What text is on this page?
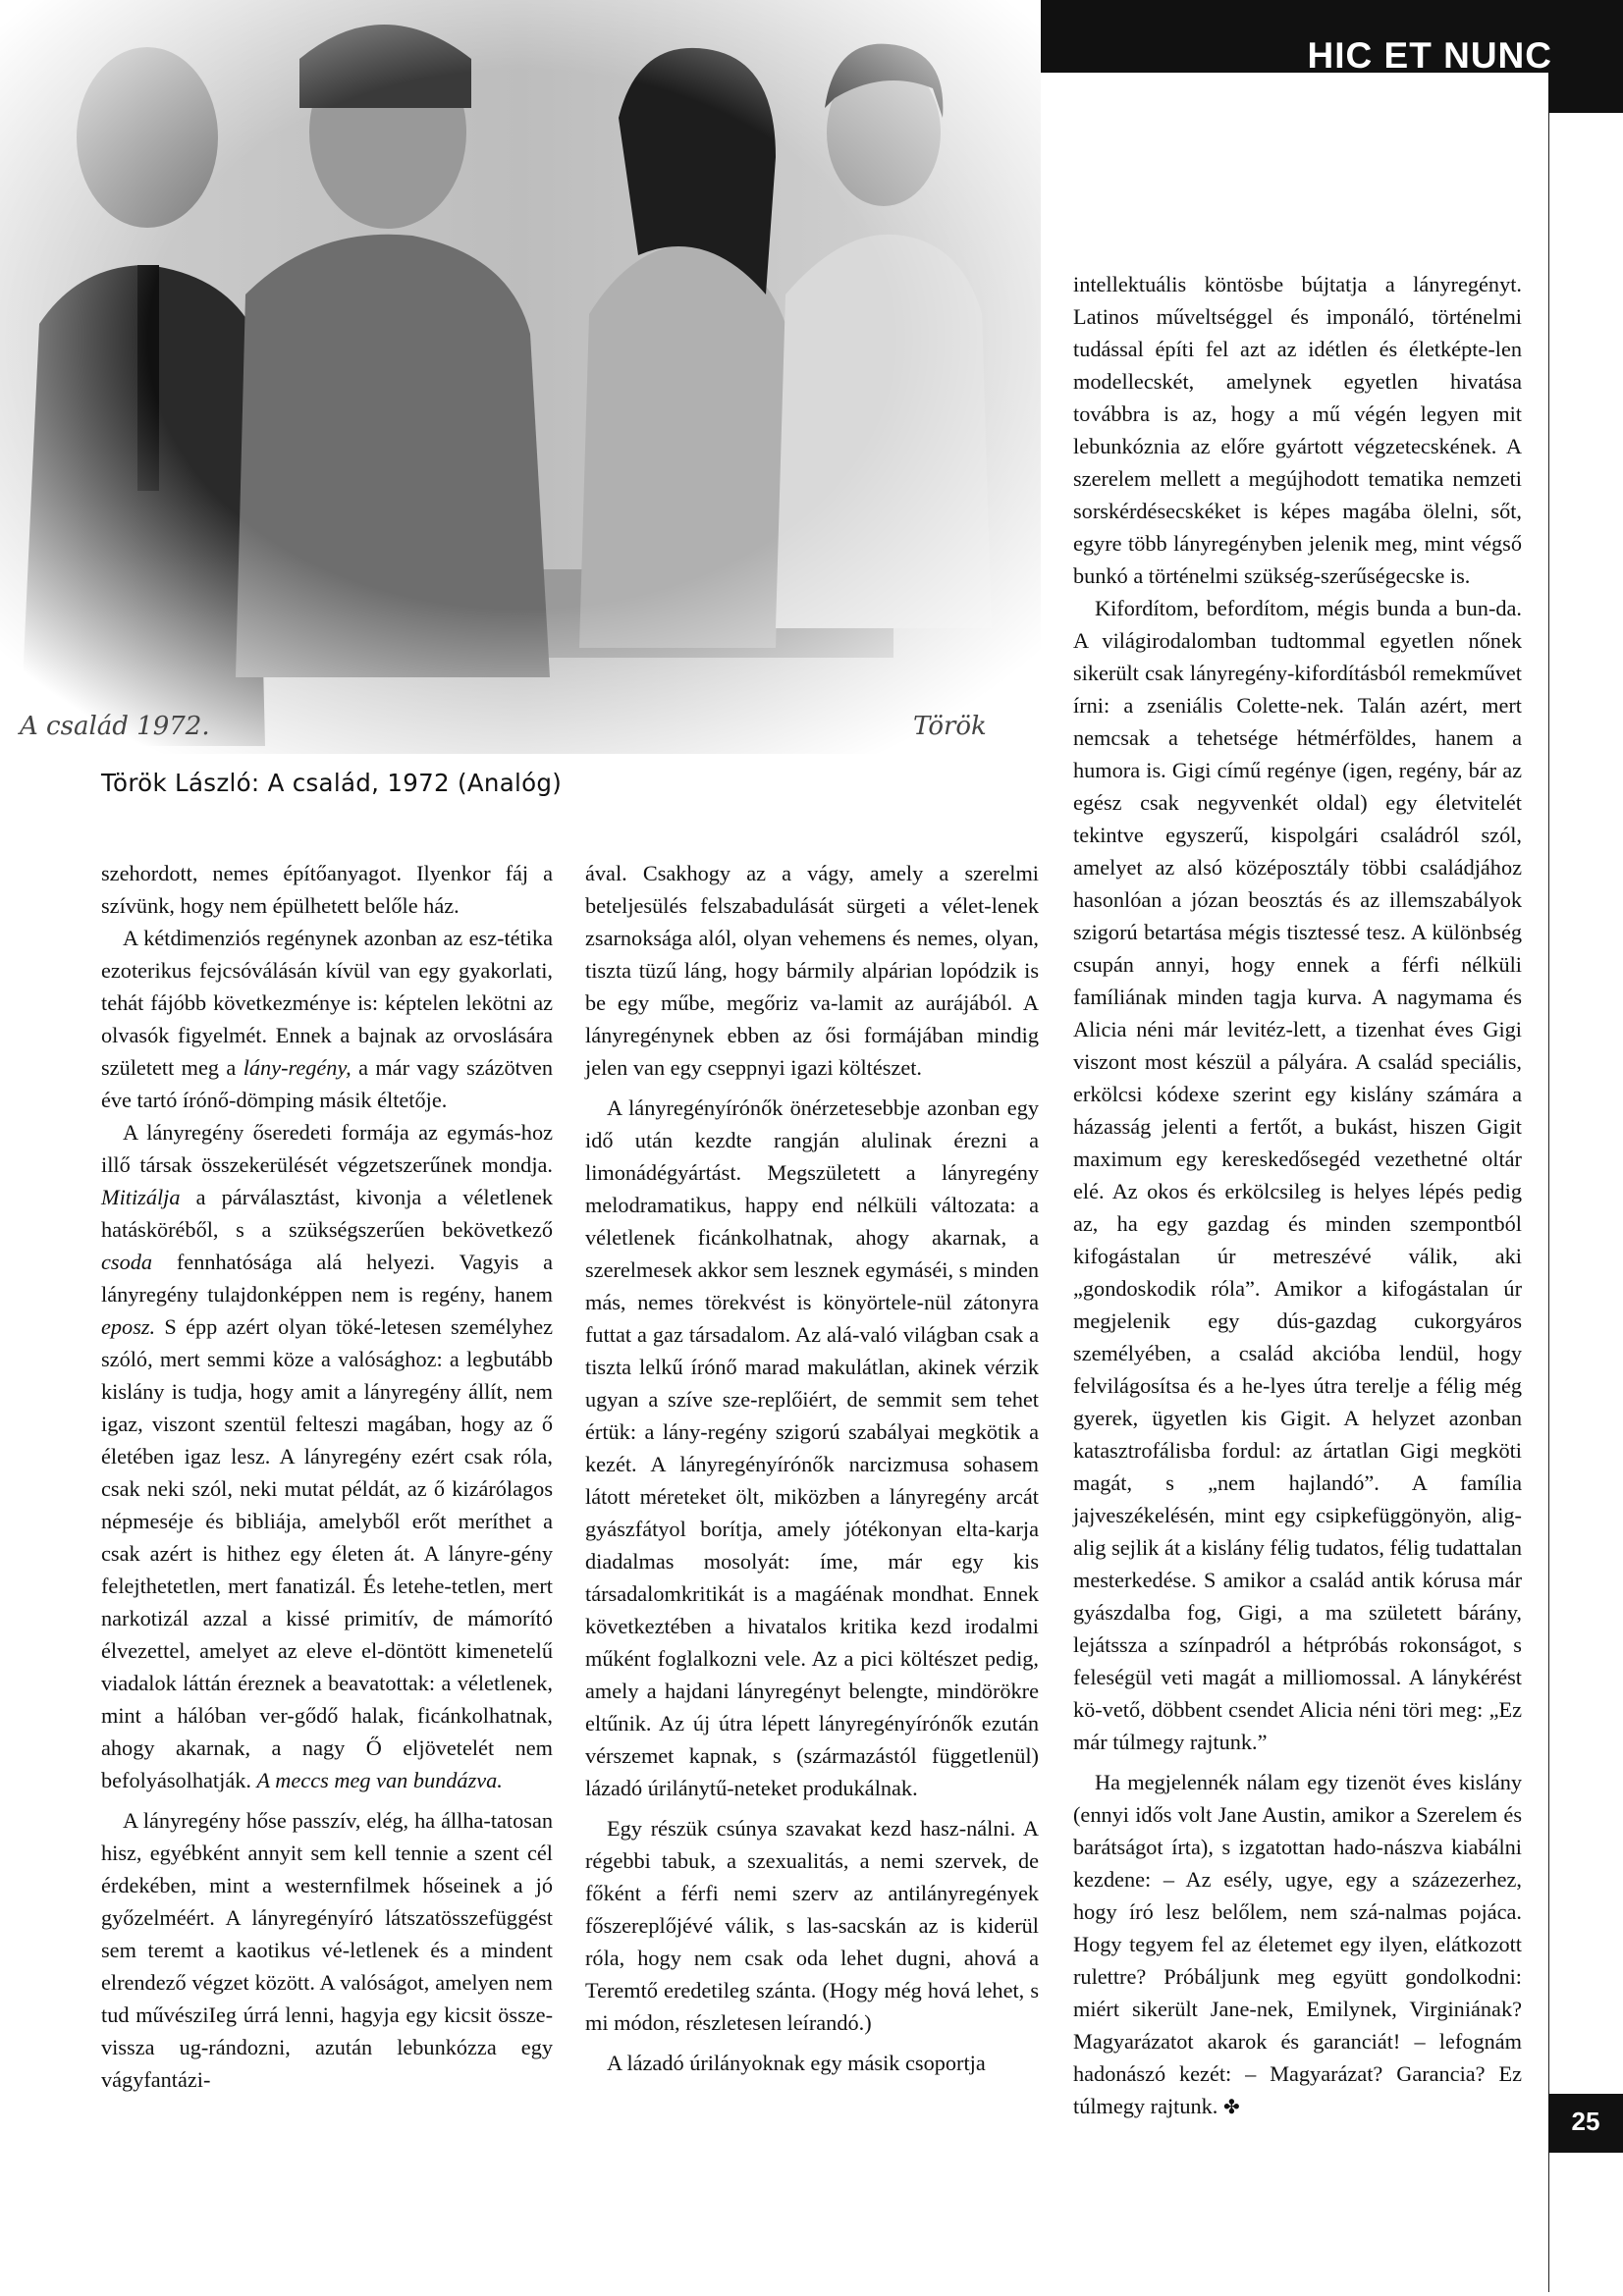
HIC ET NUNC
A család 1972.	Török
Török László: A család, 1972 (Analóg)

szehordott, nemes építőanyagot. Ilyenkor fáj a szívünk, hogy nem épülhetett belőle ház.

A kétdimenziós regénynek azonban az esz-tétika ezoterikus fejcsóválásán kívül van egy gyakorlati, tehát fájóbb következménye is: képtelen lekötni az olvasók figyelmét. Ennek a bajnak az orvoslására született meg a lány-regény, a már vagy százötven éve tartó írónő-dömping másik éltetője.

A lányregény őseredeti formája az egymás-hoz illő társak összekerülését végzetszerűnek mondja. Mitizálja a párválasztást, kivonja a véletlenek hatásköréből, s a szükségszerűen bekövetkező csoda fennhatósága alá helyezi. Vagyis a lányregény tulajdonképpen nem is regény, hanem eposz. S épp azért olyan töké-letesen személyhez szóló, mert semmi köze a valósághoz: a legbutább kislány is tudja, hogy amit a lányregény állít, nem igaz, viszont szentül felteszi magában, hogy az ő életében igaz lesz. A lányregény ezért csak róla, csak neki szól, neki mutat példát, az ő kizárólagos népmeséje és bibliája, amelyből erőt meríthet a csak azért is hithez egy életen át. A lányre-gény felejthetetlen, mert fanatizál. És letehe-tetlen, mert narkotizál azzal a kissé primitív, de mámorító élvezettel, amelyet az eleve el-döntött kimenetelű viadalok láttán éreznek a beavatottak: a véletlenek, mint a hálóban ver-gődő halak, ficánkolhatnak, ahogy akarnak, a nagy Ő eljövetelét nem befolyásolhatják. A meccs meg van bundázva.

A lányregény hőse passzív, elég, ha állha-tatosan hisz, egyébként annyit sem kell tennie a szent cél érdekében, mint a westernfilmek hőseinek a jó győzelméért. A lányregényíró látszatösszefüggést sem teremt a kaotikus vé-letlenek és a mindent elrendező végzet között. A valóságot, amelyen nem tud művésziIeg úrrá lenni, hagyja egy kicsit össze-vissza ug-rándozni, azután lebunkózza egy vágyfantázi-

ával. Csakhogy az a vágy, amely a szerelmi beteljesülés felszabadulását sürgeti a vélet-lenek zsarnoksága alól, olyan vehemens és nemes, olyan, tiszta tüzű láng, hogy bármily alpárian lopódzik is be egy műbe, megőriz va-lamit az aurájából. A lányregénynek ebben az ősi formájában mindig jelen van egy cseppnyi igazi költészet.

A lányregényírónők önérzetesebbje azonban egy idő után kezdte rangján alulinak érezni a limonádégyártást. Megszületett a lányregény melodramatikus, happy end nélküli változata: a véletlenek ficánkolhatnak, ahogy akarnak, a szerelmesek akkor sem lesznek egymáséi, s minden más, nemes törekvést is könyörtele-nül zátonyra futtat a gaz társadalom. Az alá-való világban csak a tiszta lelkű írónő marad makulátlan, akinek vérzik ugyan a szíve sze-replőiért, de semmit sem tehet értük: a lány-regény szigorú szabályai megkötik a kezét. A lányregényírónők narcizmusa sohasem látott méreteket ölt, miközben a lányregény arcát gyászfátyol borítja, amely jótékonyan elta-karja diadalmas mosolyát: íme, már egy kis társadalomkritikát is a magáénak mondhat. Ennek következtében a hivatalos kritika kezd irodalmi műként foglalkozni vele. Az a pici költészet pedig, amely a hajdani lányregényt belengte, mindörökre eltűnik. Az új útra lépett lányregényírónők ezután vérszemet kapnak, s (származástól függetlenül) lázadó úrilánytű-neteket produkálnak.

Egy részük csúnya szavakat kezd hasz-nálni. A régebbi tabuk, a szexualitás, a nemi szervek, de főként a férfi nemi szerv az antilányregények főszereplőjévé válik, s las-sacskán az is kiderül róla, hogy nem csak oda lehet dugni, ahová a Teremtő eredetileg szánta. (Hogy még hová lehet, s mi módon, részletesen leírandó.)

A lázadó úrilányoknak egy másik csoportja

intellektuális köntösbe bújtatja a lányregényt. Latinos műveltséggel és imponáló, történelmi tudással építi fel azt az idétlen és életképte-len modellecskét, amelynek egyetlen hivatása továbbra is az, hogy a mű végén legyen mit lebunkóznia az előre gyártott végzetecskének. A szerelem mellett a megújhodott tematika nemzeti sorskérdésecskéket is képes magába ölelni, sőt, egyre több lányregényben jelenik meg, mint végső bunkó a történelmi szükség-szerűségecske is.

Kifordítom, befordítom, mégis bunda a bun-da. A világirodalomban tudtommal egyetlen nőnek sikerült csak lányregény-kifordításból remekművet írni: a zseniális Colette-nek. Talán azért, mert nemcsak a tehetsége hétmérföldes, hanem a humora is. Gigi című regénye (igen, regény, bár az egész csak negyvenkét oldal) egy életvitelét tekintve egyszerű, kispolgári családról szól, amelyet az alsó középosztály többi családjához hasonlóan a józan beosztás és az illemszabályok szigorú betartása mégis tisztessé tesz. A különbség csupán annyi, hogy ennek a férfi nélküli famíliának minden tagja kurva. A nagymama és Alicia néni már levitéz-lett, a tizenhat éves Gigi viszont most készül a pályára. A család speciális, erkölcsi kódexe szerint egy kislány számára a házasság jelenti a fertőt, a bukást, hiszen Gigit maximum egy kereskedősegéd vezethetné oltár elé. Az okos és erkölcsileg is helyes lépés pedig az, ha egy gazdag és minden szempontból kifogástalan úr metreszévé válik, aki „gondoskodik róla”. Amikor a kifogástalan úr megjelenik egy dús-gazdag cukorgyáros személyében, a család akcióba lendül, hogy felvilágosítsa és a he-lyes útra terelje a félig még gyerek, ügyetlen kis Gigit. A helyzet azonban katasztrofálisba fordul: az ártatlan Gigi megköti magát, s „nem hajlandó”. A família jajveszékelésén, mint egy csipkefüggönyön, alig-alig sejlik át a kislány félig tudatos, félig tudattalan mesterkedése. S amikor a család antik kórusa már gyászdalba fog, Gigi, a ma született bárány, lejátssza a színpadról a hétpróbás rokonságot, s feleségül veti magát a milliomossal. A lánykérést kö-vető, döbbent csendet Alicia néni töri meg: „Ez már túlmegy rajtunk.”

Ha megjelennék nálam egy tizenöt éves kislány (ennyi idős volt Jane Austin, amikor a Szerelem és barátságot írta), s izgatottan hado-nászva kiabálni kezdene: – Az esély, ugye, egy a százezerhez, hogy író lesz belőlem, nem szá-nalmas pojáca. Hogy tegyem fel az életemet egy ilyen, elátkozott rulettre? Próbáljunk meg együtt gondolkodni: miért sikerült Jane-nek, Emilynek, Virginiának? Magyarázatot akarok és garanciát! – lefognám hadonászó kezét: – Magyarázat? Garancia? Ez túlmegy rajtunk. ✤	25
